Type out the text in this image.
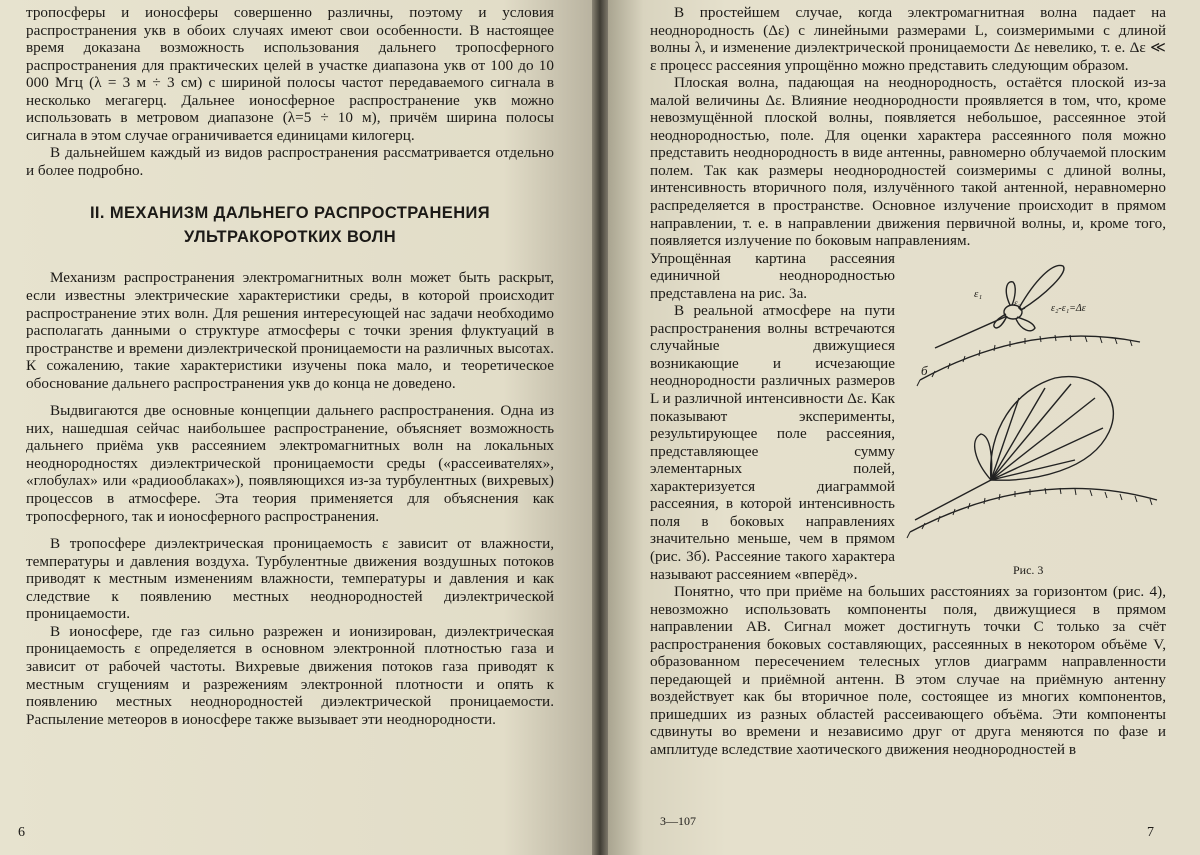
тропосферы и ионосферы совершенно различны, поэтому и условия распространения укв в обоих случаях имеют свои особенности. В настоящее время доказана возможность использования дальнего тропосферного распространения для практических целей в участке диапазона укв от 100 до 10 000 Мгц (λ = 3 м ÷ 3 см) с шириной полосы частот передаваемого сигнала в несколько мегагерц. Дальнее ионосферное распространение укв можно использовать в метровом диапазоне (λ=5 ÷ 10 м), причём ширина полосы сигнала в этом случае ограничивается единицами килогерц.

В дальнейшем каждый из видов распространения рассматривается отдельно и более подробно.

II. МЕХАНИЗМ ДАЛЬНЕГО РАСПРОСТРАНЕНИЯ
УЛЬТРАКОРОТКИХ ВОЛН

Механизм распространения электромагнитных волн может быть раскрыт, если известны электрические характеристики среды, в которой происходит распространение этих волн. Для решения интересующей нас задачи необходимо располагать данными о структуре атмосферы с точки зрения флуктуаций в пространстве и времени диэлектрической проницаемости на различных высотах. К сожалению, такие характеристики изучены пока мало, и теоретическое обоснование дальнего распространения укв до конца не доведено.

Выдвигаются две основные концепции дальнего распространения. Одна из них, нашедшая сейчас наибольшее распространение, объясняет возможность дальнего приёма укв рассеянием электромагнитных волн на локальных неоднородностях диэлектрической проницаемости среды («рассеивателях», «глобулах» или «радиооблаках»), появляющихся из-за турбулентных (вихревых) процессов в атмосфере. Эта теория применяется для объяснения как тропосферного, так и ионосферного распространения.

В тропосфере диэлектрическая проницаемость ε зависит от влажности, температуры и давления воздуха. Турбулентные движения воздушных потоков приводят к местным изменениям влажности, температуры и давления и как следствие к появлению местных неоднородностей диэлектрической проницаемости.

В ионосфере, где газ сильно разрежен и ионизирован, диэлектрическая проницаемость ε определяется в основном электронной плотностью газа и зависит от рабочей частоты. Вихревые движения потоков газа приводят к местным сгущениям и разрежениям электронной плотности и опять к появлению местных неоднородностей диэлектрической проницаемости. Распыление метеоров в ионосфере также вызывает эти неоднородности.

6

В простейшем случае, когда электромагнитная волна падает на неоднородность (Δε) с линейными размерами L, соизмеримыми с длиной волны λ, и изменение диэлектрической проницаемости Δε невелико, т. е. Δε ≪ ε процесс рассеяния упрощённо можно представить следующим образом.

Плоская волна, падающая на неоднородность, остаётся плоской из-за малой величины Δε. Влияние неоднородности проявляется в том, что, кроме невозмущённой плоской волны, появляется небольшое, рассеянное этой неоднородностью, поле. Для оценки характера рассеянного поля можно представить неоднородность в виде антенны, равномерно облучаемой плоским полем. Так как размеры неоднородностей соизмеримы с длиной волны, интенсивность вторичного поля, излучённого такой антенной, неравномерно распределяется в пространстве. Основное излучение происходит в прямом направлении, т. е. в направлении движения первичной волны, и, кроме того, появляется излучение по боковым направлениям.

Упрощённая картина рассеяния единичной неоднородностью представлена на рис. 3а.

В реальной атмосфере на пути распространения волны встречаются случайные движущиеся возникающие и исчезающие неоднородности различных размеров L и различной интенсивности Δε. Как показывают эксперименты, результирующее поле рассеяния, представляющее сумму элементарных полей, характеризуется диаграммой рассеяния, в которой интенсивность поля в боковых направлениях значительно меньше, чем в прямом (рис. 3б). Рассеяние такого характера называют рассеянием «вперёд».

ε₁
ε₂	ε₂-ε₁=Δε
б
Рис. 3

Понятно, что при приёме на больших расстояниях за горизонтом (рис. 4), невозможно использовать компоненты поля, движущиеся в прямом направлении AB. Сигнал может достигнуть точки C только за счёт распространения боковых составляющих, рассеянных в некотором объёме V, образованном пересечением телесных углов диаграмм направленности передающей и приёмной антенн. В этом случае на приёмную антенну воздействует как бы вторичное поле, состоящее из многих компонентов, пришедших из разных областей рассеивающего объёма. Эти компоненты сдвинуты во времени и независимо друг от друга меняются по фазе и амплитуде вследствие хаотического движения неоднородностей в

3—107
7
